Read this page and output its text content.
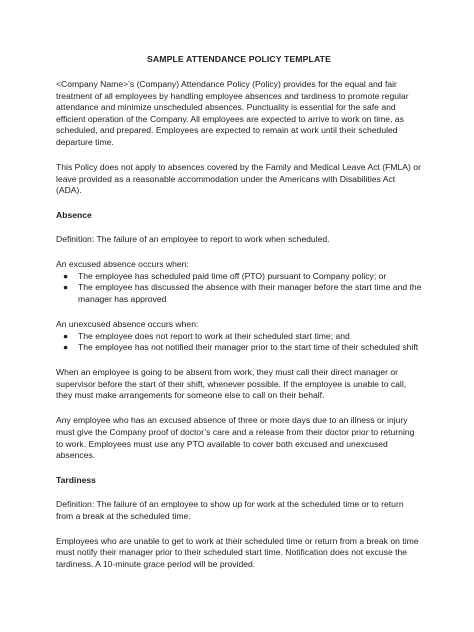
SAMPLE ATTENDANCE POLICY TEMPLATE

<Company Name>’s (Company) Attendance Policy (Policy) provides for the equal and fair treatment of all employees by handling employee absences and tardiness to promote regular attendance and minimize unscheduled absences. Punctuality is essential for the safe and efficient operation of the Company. All employees are expected to arrive to work on time, as scheduled, and prepared. Employees are expected to remain at work until their scheduled departure time.

This Policy does not apply to absences covered by the Family and Medical Leave Act (FMLA) or leave provided as a reasonable accommodation under the Americans with Disabilities Act (ADA).

Absence

Definition: The failure of an employee to report to work when scheduled.

An excused absence occurs when:

● The employee has scheduled paid time off (PTO) pursuant to Company policy; or
● The employee has discussed the absence with their manager before the start time and the manager has approved

An unexcused absence occurs when:

● The employee does not report to work at their scheduled start time; and
● The employee has not notified their manager prior to the start time of their scheduled shift

When an employee is going to be absent from work, they must call their direct manager or supervisor before the start of their shift, whenever possible. If the employee is unable to call, they must make arrangements for someone else to call on their behalf.

Any employee who has an excused absence of three or more days due to an illness or injury must give the Company proof of doctor’s care and a release from their doctor prior to returning to work. Employees must use any PTO available to cover both excused and unexcused absences.

Tardiness

Definition: The failure of an employee to show up for work at the scheduled time or to return from a break at the scheduled time.

Employees who are unable to get to work at their scheduled time or return from a break on time must notify their manager prior to their scheduled start time. Notification does not excuse the tardiness. A 10-minute grace period will be provided.
